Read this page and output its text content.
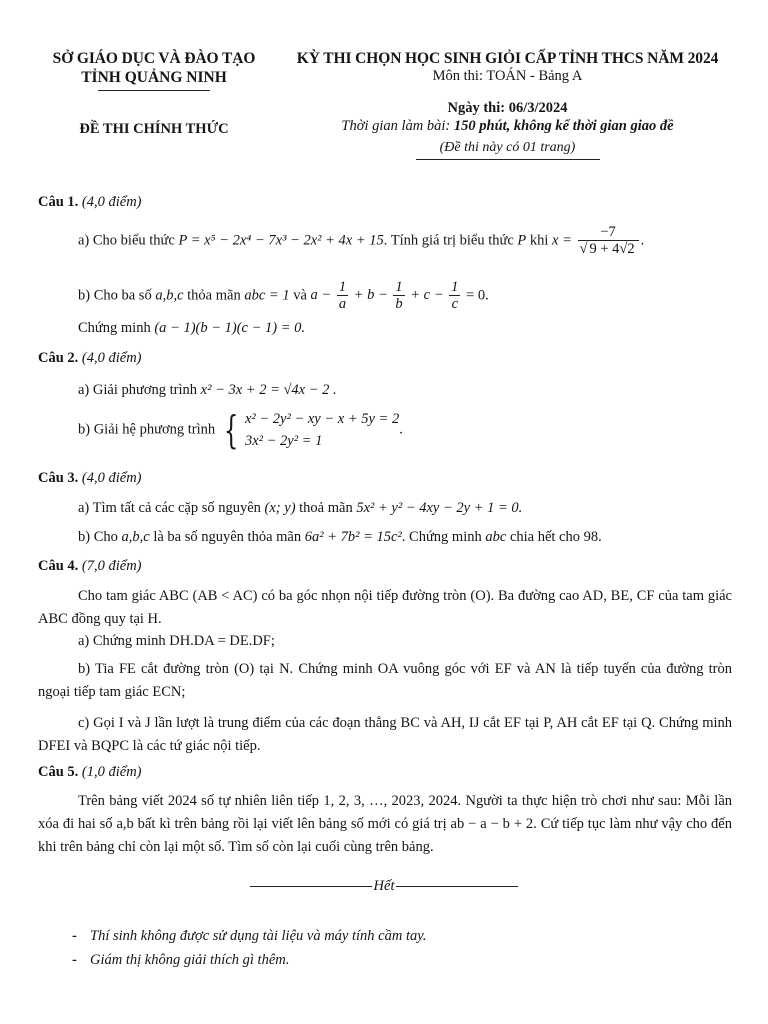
SỞ GIÁO DỤC VÀ ĐÀO TẠO
TỈNH QUẢNG NINH
ĐỀ THI CHÍNH THỨC
KỲ THI CHỌN HỌC SINH GIỎI CẤP TỈNH THCS NĂM 2024
Môn thi: TOÁN - Bảng A
Ngày thi: 06/3/2024
Thời gian làm bài: 150 phút, không kể thời gian giao đề
(Đề thi này có 01 trang)
Câu 1. (4,0 điểm)
a) Cho biểu thức P = x⁵ − 2x⁴ − 7x³ − 2x² + 4x + 15. Tính giá trị biểu thức P khi $x = \frac{-7}{√ 9 + 4√2}$ .
b) Cho ba số a,b,c thỏa mãn abc = 1 và $a - \frac{1}{a} + b - \frac{1}{b} + c - \frac{1}{c} = 0$.
Chứng minh (a − 1)(b − 1)(c − 1) = 0.
Câu 2. (4,0 điểm)
a) Giải phương trình x² − 3x + 2 = √4x − 2 .
b) Giải hệ phương trình { x² − 2y² − xy − x + 5y = 2
3x² − 2y² = 1
.
Câu 3. (4,0 điểm)
a) Tìm tất cả các cặp số nguyên (x; y) thoả mãn 5x² + y² − 4xy − 2y + 1 = 0.
b) Cho a,b,c là ba số nguyên thỏa mãn 6a² + 7b² = 15c². Chứng minh abc chia hết cho 98.
Câu 4. (7,0 điểm)
Cho tam giác ABC (AB < AC) có ba góc nhọn nội tiếp đường tròn (O). Ba đường cao AD, BE, CF của tam giác ABC đồng quy tại H.
a) Chứng minh DH.DA = DE.DF;
b) Tia FE cắt đường tròn (O) tại N. Chứng minh OA vuông góc với EF và AN là tiếp tuyến của đường tròn ngoại tiếp tam giác ECN;
c) Gọi I và J lần lượt là trung điểm của các đoạn thẳng BC và AH, IJ cắt EF tại P, AH cắt EF tại Q. Chứng minh DFEI và BQPC là các tứ giác nội tiếp.
Câu 5. (1,0 điểm)
Trên bảng viết 2024 số tự nhiên liên tiếp 1, 2, 3, …, 2023, 2024. Người ta thực hiện trò chơi như sau: Mỗi lần xóa đi hai số a,b bất kì trên bảng rồi lại viết lên bảng số mới có giá trị ab − a − b + 2. Cứ tiếp tục làm như vậy cho đến khi trên bảng chỉ còn lại một số. Tìm số còn lại cuối cùng trên bảng.
Hết
- Thí sinh không được sử dụng tài liệu và máy tính cầm tay.
- Giám thị không giải thích gì thêm.
